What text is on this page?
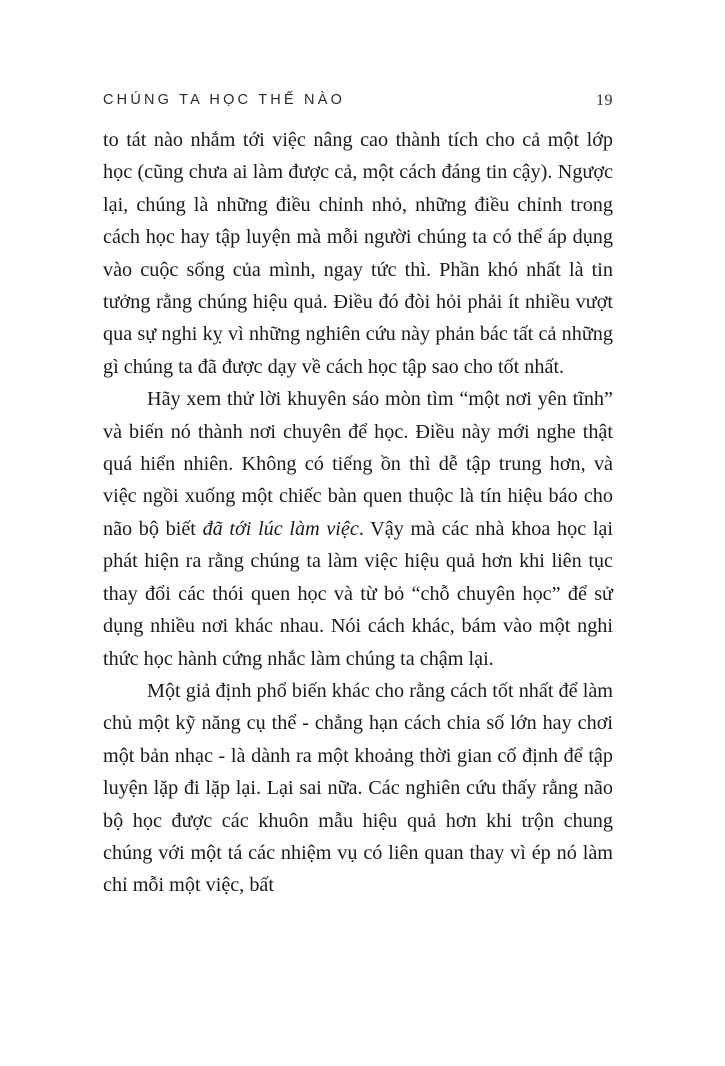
CHÚNG TA HỌC THẾ NÀO	19

to tát nào nhắm tới việc nâng cao thành tích cho cả một lớp học (cũng chưa ai làm được cả, một cách đáng tin cậy). Ngược lại, chúng là những điều chỉnh nhỏ, những điều chỉnh trong cách học hay tập luyện mà mỗi người chúng ta có thể áp dụng vào cuộc sống của mình, ngay tức thì. Phần khó nhất là tin tưởng rằng chúng hiệu quả. Điều đó đòi hỏi phải ít nhiều vượt qua sự nghi kỵ vì những nghiên cứu này phản bác tất cả những gì chúng ta đã được dạy về cách học tập sao cho tốt nhất.

Hãy xem thử lời khuyên sáo mòn tìm “một nơi yên tĩnh” và biến nó thành nơi chuyên để học. Điều này mới nghe thật quá hiển nhiên. Không có tiếng ồn thì dễ tập trung hơn, và việc ngồi xuống một chiếc bàn quen thuộc là tín hiệu báo cho não bộ biết đã tới lúc làm việc. Vậy mà các nhà khoa học lại phát hiện ra rằng chúng ta làm việc hiệu quả hơn khi liên tục thay đổi các thói quen học và từ bỏ “chỗ chuyên học” để sử dụng nhiều nơi khác nhau. Nói cách khác, bám vào một nghi thức học hành cứng nhắc làm chúng ta chậm lại.

Một giả định phổ biến khác cho rằng cách tốt nhất để làm chủ một kỹ năng cụ thể - chẳng hạn cách chia số lớn hay chơi một bản nhạc - là dành ra một khoảng thời gian cố định để tập luyện lặp đi lặp lại. Lại sai nữa. Các nghiên cứu thấy rằng não bộ học được các khuôn mẫu hiệu quả hơn khi trộn chung chúng với một tá các nhiệm vụ có liên quan thay vì ép nó làm chỉ mỗi một việc, bất
